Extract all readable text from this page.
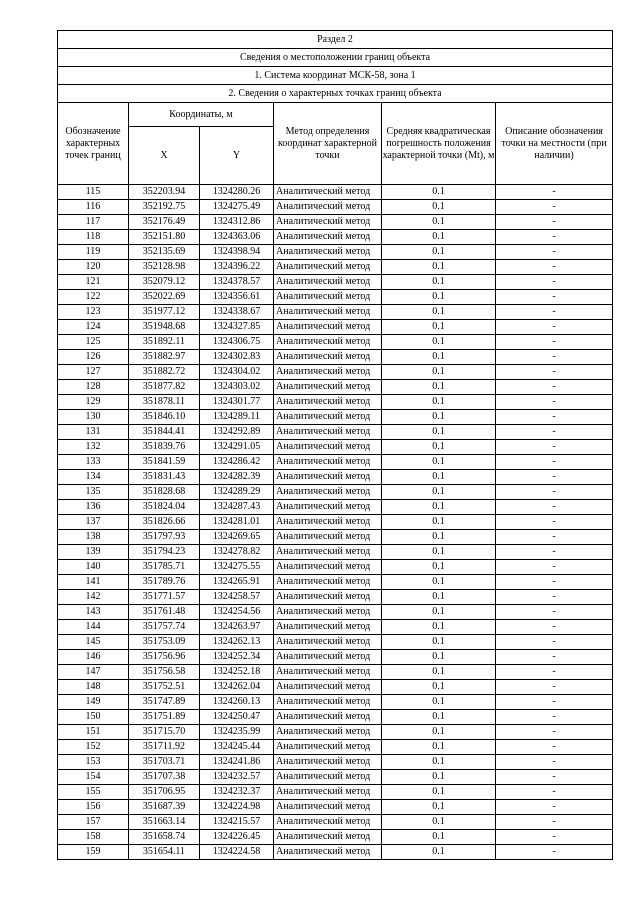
Раздел 2					
Сведения о местоположении границ объекта					
1. Система координат МСК-58, зона 1					
2. Сведения о характерных точках границ объекта					
Обозначение характерных точек границ	Координаты, м		Метод определения координат характерной точки	Средняя квадратическая погрешность положения характерной точки (Mt), м	Описание обозначения точки на местности (при наличии)
	X	Y			
115	352203.94	1324280.26	Аналитический метод	0.1	-
116	352192.75	1324275.49	Аналитический метод	0.1	-
117	352176.49	1324312.86	Аналитический метод	0.1	-
118	352151.80	1324363.06	Аналитический метод	0.1	-
119	352135.69	1324398.94	Аналитический метод	0.1	-
120	352128.98	1324396.22	Аналитический метод	0.1	-
121	352079.12	1324378.57	Аналитический метод	0.1	-
122	352022.69	1324356.61	Аналитический метод	0.1	-
123	351977.12	1324338.67	Аналитический метод	0.1	-
124	351948.68	1324327.85	Аналитический метод	0.1	-
125	351892.11	1324306.75	Аналитический метод	0.1	-
126	351882.97	1324302.83	Аналитический метод	0.1	-
127	351882.72	1324304.02	Аналитический метод	0.1	-
128	351877.82	1324303.02	Аналитический метод	0.1	-
129	351878.11	1324301.77	Аналитический метод	0.1	-
130	351846.10	1324289.11	Аналитический метод	0.1	-
131	351844.41	1324292.89	Аналитический метод	0.1	-
132	351839.76	1324291.05	Аналитический метод	0.1	-
133	351841.59	1324286.42	Аналитический метод	0.1	-
134	351831.43	1324282.39	Аналитический метод	0.1	-
135	351828.68	1324289.29	Аналитический метод	0.1	-
136	351824.04	1324287.43	Аналитический метод	0.1	-
137	351826.66	1324281.01	Аналитический метод	0.1	-
138	351797.93	1324269.65	Аналитический метод	0.1	-
139	351794.23	1324278.82	Аналитический метод	0.1	-
140	351785.71	1324275.55	Аналитический метод	0.1	-
141	351789.76	1324265.91	Аналитический метод	0.1	-
142	351771.57	1324258.57	Аналитический метод	0.1	-
143	351761.48	1324254.56	Аналитический метод	0.1	-
144	351757.74	1324263.97	Аналитический метод	0.1	-
145	351753.09	1324262.13	Аналитический метод	0.1	-
146	351756.96	1324252.34	Аналитический метод	0.1	-
147	351756.58	1324252.18	Аналитический метод	0.1	-
148	351752.51	1324262.04	Аналитический метод	0.1	-
149	351747.89	1324260.13	Аналитический метод	0.1	-
150	351751.89	1324250.47	Аналитический метод	0.1	-
151	351715.70	1324235.99	Аналитический метод	0.1	-
152	351711.92	1324245.44	Аналитический метод	0.1	-
153	351703.71	1324241.86	Аналитический метод	0.1	-
154	351707.38	1324232.57	Аналитический метод	0.1	-
155	351706.95	1324232.37	Аналитический метод	0.1	-
156	351687.39	1324224.98	Аналитический метод	0.1	-
157	351663.14	1324215.57	Аналитический метод	0.1	-
158	351658.74	1324226.45	Аналитический метод	0.1	-
159	351654.11	1324224.58	Аналитический метод	0.1	-
